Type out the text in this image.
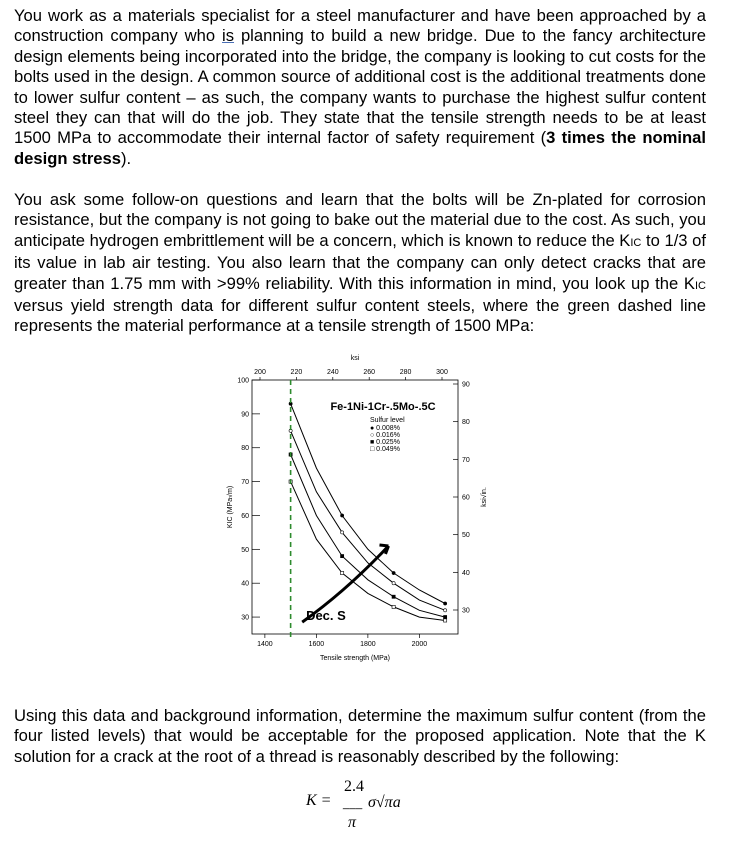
You work as a materials specialist for a steel manufacturer and have been approached by a construction company who is planning to build a new bridge. Due to the fancy architecture design elements being incorporated into the bridge, the company is looking to cut costs for the bolts used in the design. A common source of additional cost is the additional treatments done to lower sulfur content – as such, the company wants to purchase the highest sulfur content steel they can that will do the job. They state that the tensile strength needs to be at least 1500 MPa to accommodate their internal factor of safety requirement (3 times the nominal design stress).

You ask some follow-on questions and learn that the bolts will be Zn-plated for corrosion resistance, but the company is not going to bake out the material due to the cost. As such, you anticipate hydrogen embrittlement will be a concern, which is known to reduce the KIC to 1/3 of its value in lab air testing. You also learn that the company can only detect cracks that are greater than 1.75 mm with >99% reliability. With this information in mind, you look up the KIC versus yield strength data for different sulfur content steels, where the green dashed line represents the material performance at a tensile strength of 1500 MPa:

1400	1600	1800	2000
Tensile strength (MPa)
200	220	240	260	280	300
ksi
100
90
80
70
60
50
40
30
KIC (MPa√m)
90
80
70
60
50
40
30
ksi√in.
Fe-1Ni-1Cr-.5Mo-.5C
Sulfur level
● 0.008%
○ 0.016%
■ 0.025%
□ 0.049%
Dec. S

Using this data and background information, determine the maximum sulfur content (from the four listed levels) that would be acceptable for the proposed application. Note that the K solution for a crack at the root of a thread is reasonably described by the following:

K =
2.4
⎯⎯⎯
π
σ√πa
